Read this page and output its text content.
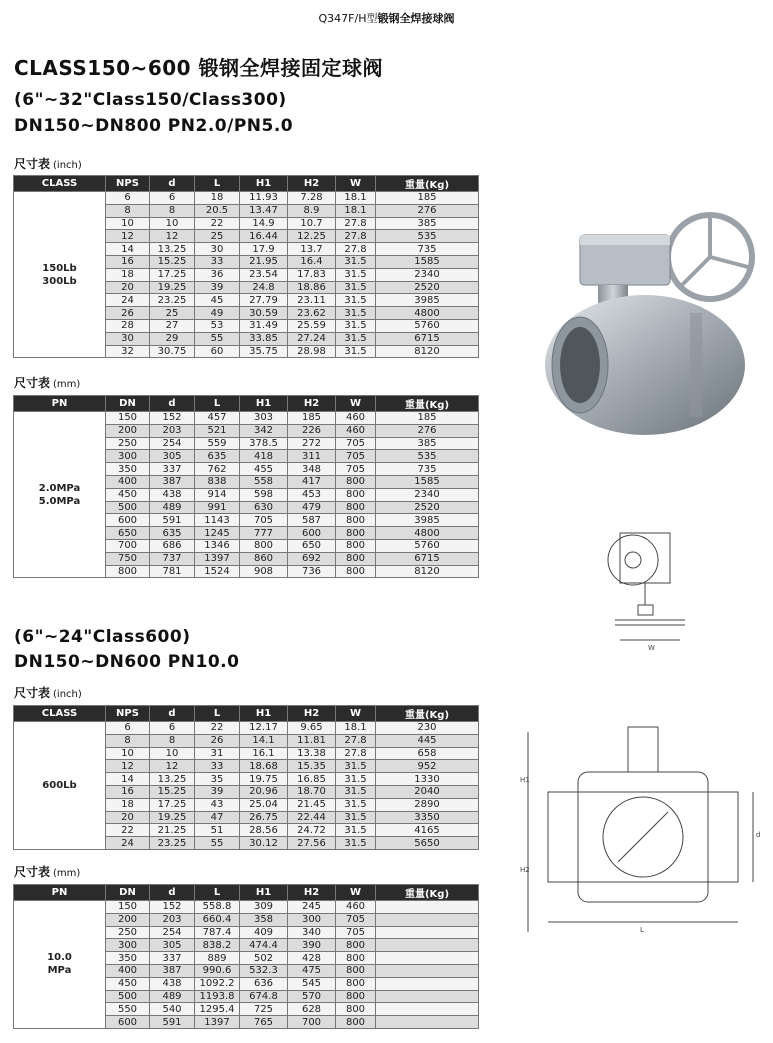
Q347F/H型锻钢全焊接球阀
CLASS150~600 锻钢全焊接固定球阀
(6"~32"Class150/Class300)
DN150~DN800 PN2.0/PN5.0
尺寸表 (inch)
CLASS	NPS	d	L	H1	H2	W	重量(Kg)
150Lb
300Lb	6	6	18	11.93	7.28	18.1	185
	8	8	20.5	13.47	8.9	18.1	276
	10	10	22	14.9	10.7	27.8	385
	12	12	25	16.44	12.25	27.8	535
	14	13.25	30	17.9	13.7	27.8	735
	16	15.25	33	21.95	16.4	31.5	1585
	18	17.25	36	23.54	17.83	31.5	2340
	20	19.25	39	24.8	18.86	31.5	2520
	24	23.25	45	27.79	23.11	31.5	3985
	26	25	49	30.59	23.62	31.5	4800
	28	27	53	31.49	25.59	31.5	5760
	30	29	55	33.85	27.24	31.5	6715
	32	30.75	60	35.75	28.98	31.5	8120
尺寸表 (mm)
PN	DN	d	L	H1	H2	W	重量(Kg)
2.0MPa
5.0MPa	150	152	457	303	185	460	185
	200	203	521	342	226	460	276
	250	254	559	378.5	272	705	385
	300	305	635	418	311	705	535
	350	337	762	455	348	705	735
	400	387	838	558	417	800	1585
	450	438	914	598	453	800	2340
	500	489	991	630	479	800	2520
	600	591	1143	705	587	800	3985
	650	635	1245	777	600	800	4800
	700	686	1346	800	650	800	5760
	750	737	1397	860	692	800	6715
	800	781	1524	908	736	800	8120
(6"~24"Class600)
DN150~DN600 PN10.0
尺寸表 (inch)
CLASS	NPS	d	L	H1	H2	W	重量(Kg)
600Lb	6	6	22	12.17	9.65	18.1	230
	8	8	26	14.1	11.81	27.8	445
	10	10	31	16.1	13.38	27.8	658
	12	12	33	18.68	15.35	31.5	952
	14	13.25	35	19.75	16.85	31.5	1330
	16	15.25	39	20.96	18.70	31.5	2040
	18	17.25	43	25.04	21.45	31.5	2890
	20	19.25	47	26.75	22.44	31.5	3350
	22	21.25	51	28.56	24.72	31.5	4165
	24	23.25	55	30.12	27.56	31.5	5650
尺寸表 (mm)
PN	DN	d	L	H1	H2	W	重量(Kg)
10.0
MPa	150	152	558.8	309	245	460	
	200	203	660.4	358	300	705	
	250	254	787.4	409	340	705	
	300	305	838.2	474.4	390	800	
	350	337	889	502	428	800	
	400	387	990.6	532.3	475	800	
	450	438	1092.2	636	545	800	
	500	489	1193.8	674.8	570	800	
	550	540	1295.4	725	628	800	
	600	591	1397	765	700	800	
W
H1
H2
d
L
